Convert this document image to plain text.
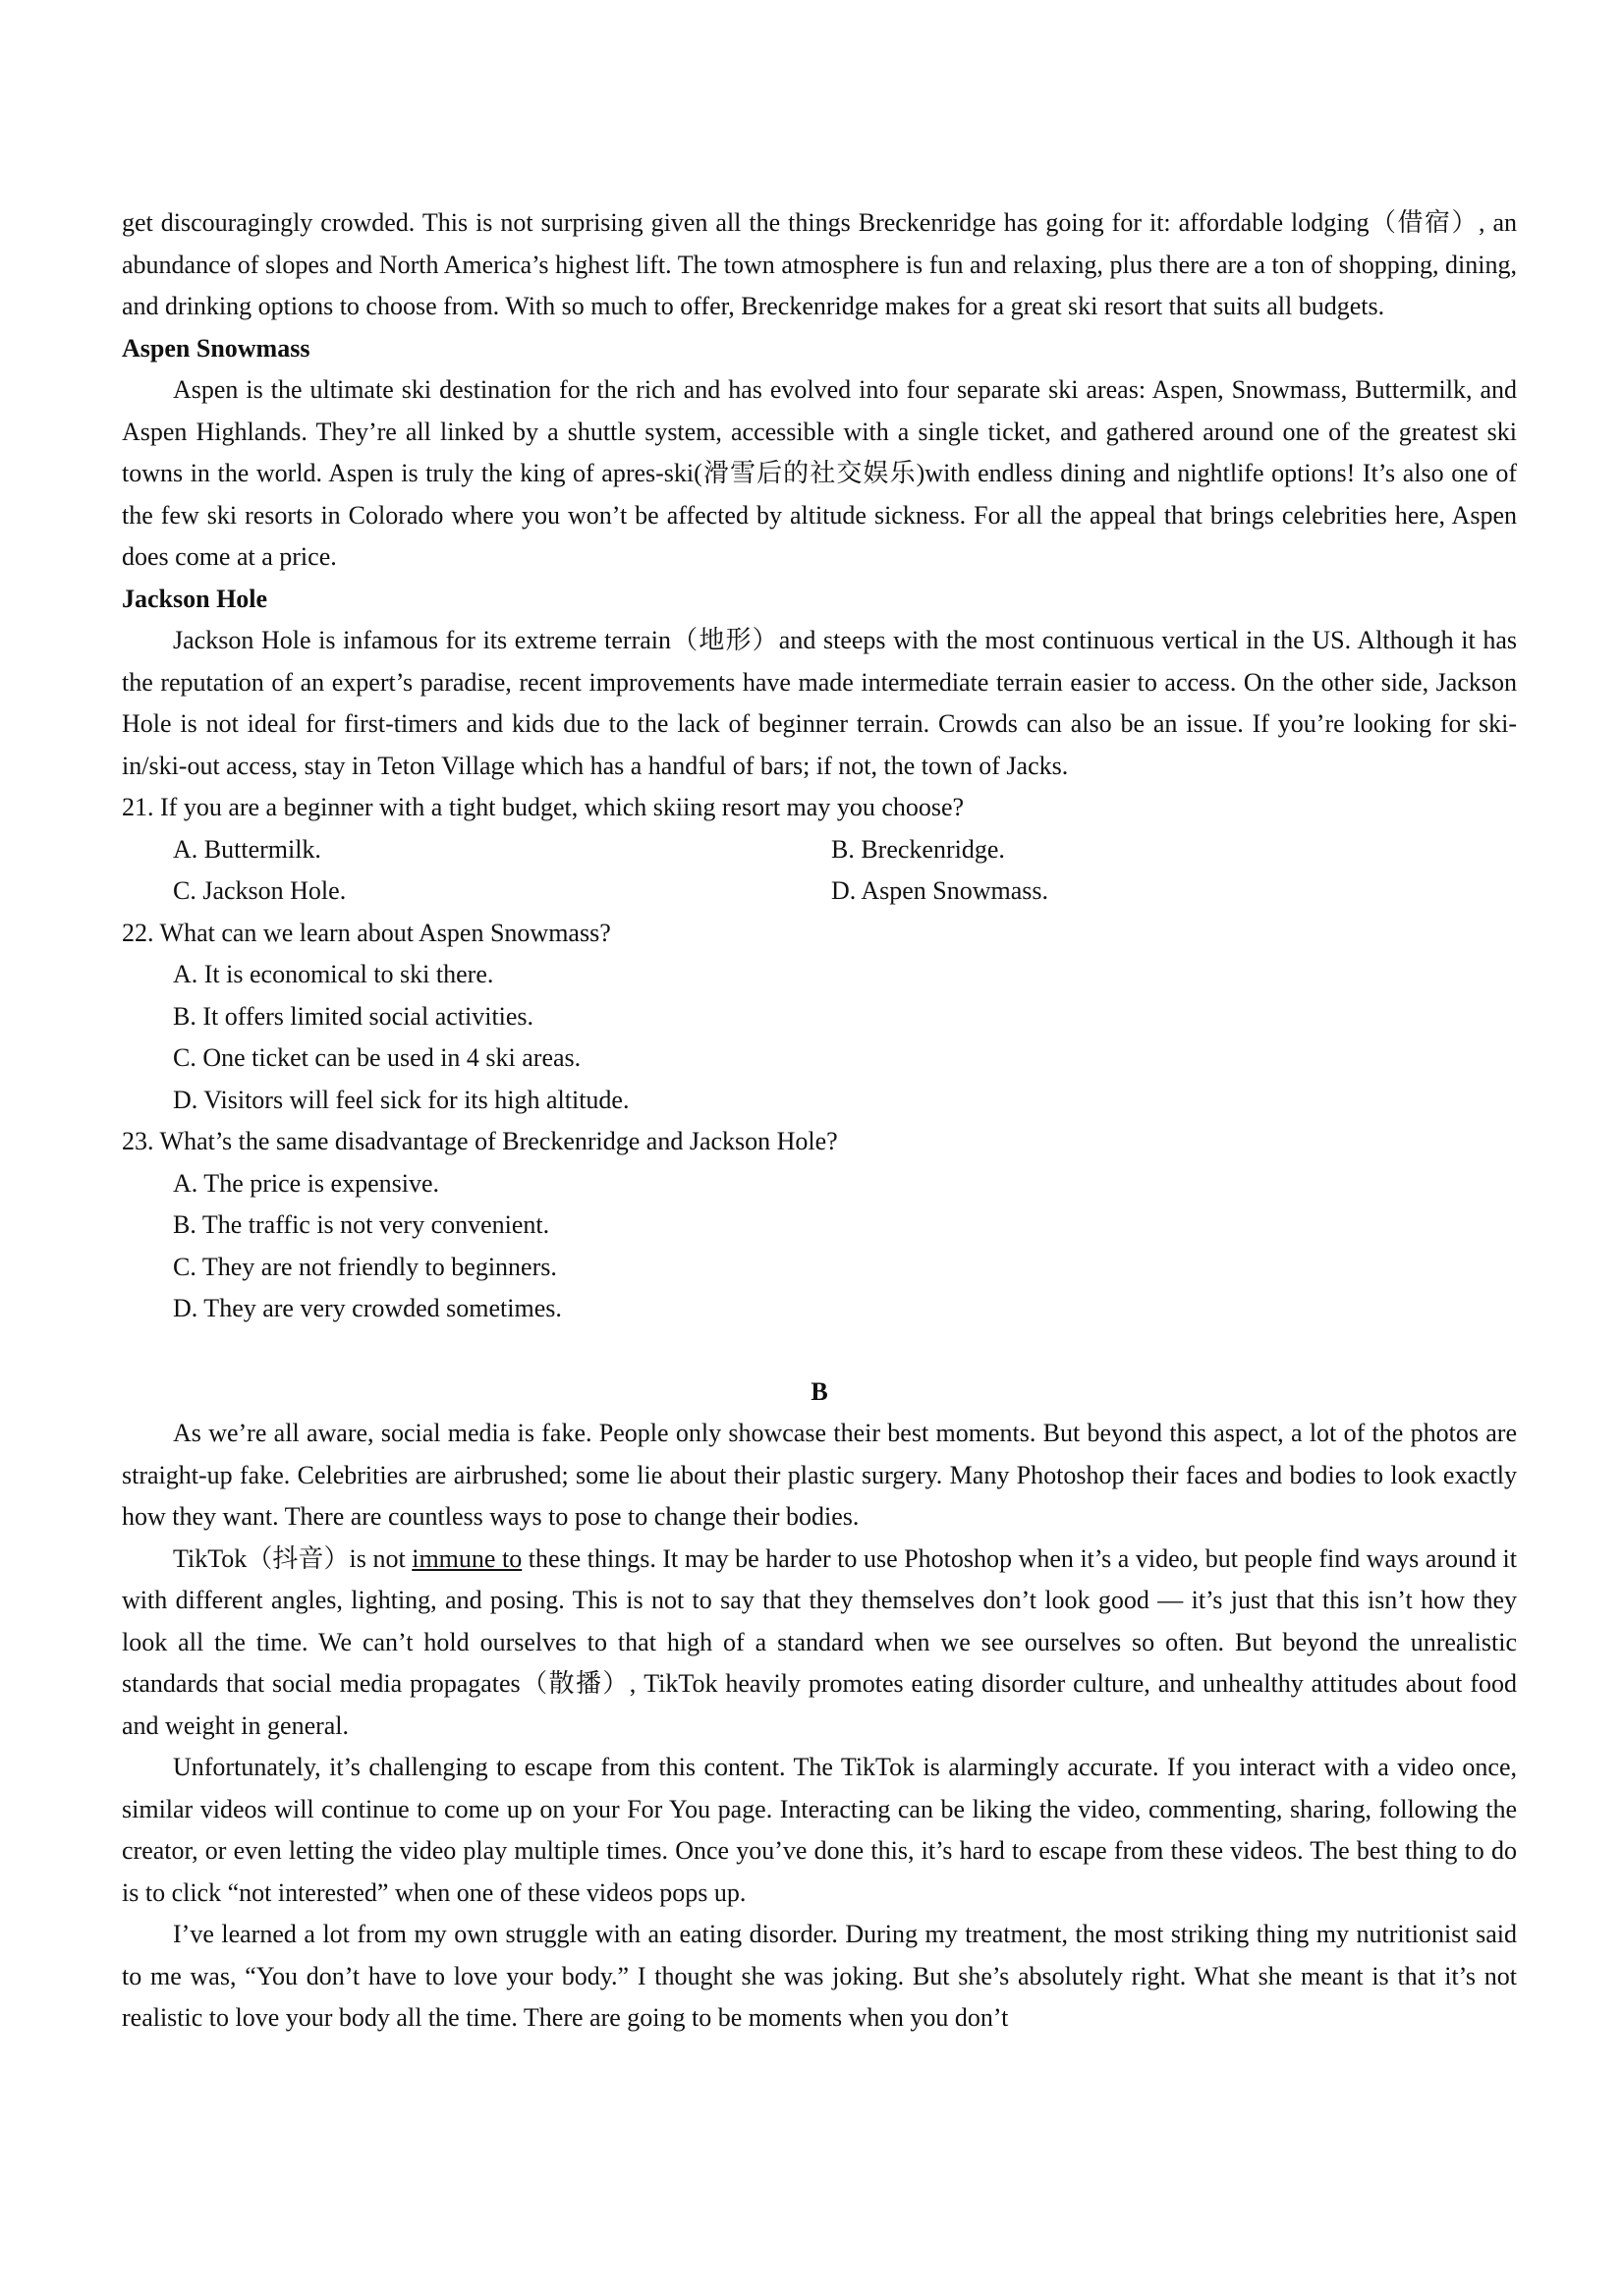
get discouragingly crowded. This is not surprising given all the things Breckenridge has going for it: affordable lodging（借宿）, an abundance of slopes and North America’s highest lift. The town atmosphere is fun and relaxing, plus there are a ton of shopping, dining, and drinking options to choose from. With so much to offer, Breckenridge makes for a great ski resort that suits all budgets.

Aspen Snowmass

Aspen is the ultimate ski destination for the rich and has evolved into four separate ski areas: Aspen, Snowmass, Buttermilk, and Aspen Highlands. They’re all linked by a shuttle system, accessible with a single ticket, and gathered around one of the greatest ski towns in the world. Aspen is truly the king of apres-ski(滑雪后的社交娱乐)with endless dining and nightlife options! It’s also one of the few ski resorts in Colorado where you won’t be affected by altitude sickness. For all the appeal that brings celebrities here, Aspen does come at a price.

Jackson Hole

Jackson Hole is infamous for its extreme terrain（地形）and steeps with the most continuous vertical in the US. Although it has the reputation of an expert’s paradise, recent improvements have made intermediate terrain easier to access. On the other side, Jackson Hole is not ideal for first-timers and kids due to the lack of beginner terrain. Crowds can also be an issue. If you’re looking for ski-in/ski-out access, stay in Teton Village which has a handful of bars; if not, the town of Jacks.

21. If you are a beginner with a tight budget, which skiing resort may you choose?

A. Buttermilk.	B. Breckenridge.
C. Jackson Hole.	D. Aspen Snowmass.

22. What can we learn about Aspen Snowmass?

A. It is economical to ski there.
B. It offers limited social activities.
C. One ticket can be used in 4 ski areas.
D. Visitors will feel sick for its high altitude.

23. What’s the same disadvantage of Breckenridge and Jackson Hole?

A. The price is expensive.
B. The traffic is not very convenient.
C. They are not friendly to beginners.
D. They are very crowded sometimes.

B

As we’re all aware, social media is fake. People only showcase their best moments. But beyond this aspect, a lot of the photos are straight-up fake. Celebrities are airbrushed; some lie about their plastic surgery. Many Photoshop their faces and bodies to look exactly how they want. There are countless ways to pose to change their bodies.

TikTok（抖音）is not immune to these things. It may be harder to use Photoshop when it’s a video, but people find ways around it with different angles, lighting, and posing. This is not to say that they themselves don’t look good — it’s just that this isn’t how they look all the time. We can’t hold ourselves to that high of a standard when we see ourselves so often. But beyond the unrealistic standards that social media propagates（散播）, TikTok heavily promotes eating disorder culture, and unhealthy attitudes about food and weight in general.

Unfortunately, it’s challenging to escape from this content. The TikTok is alarmingly accurate. If you interact with a video once, similar videos will continue to come up on your For You page. Interacting can be liking the video, commenting, sharing, following the creator, or even letting the video play multiple times. Once you’ve done this, it’s hard to escape from these videos. The best thing to do is to click “not interested” when one of these videos pops up.

I’ve learned a lot from my own struggle with an eating disorder. During my treatment, the most striking thing my nutritionist said to me was, “You don’t have to love your body.” I thought she was joking. But she’s absolutely right. What she meant is that it’s not realistic to love your body all the time. There are going to be moments when you don’t
